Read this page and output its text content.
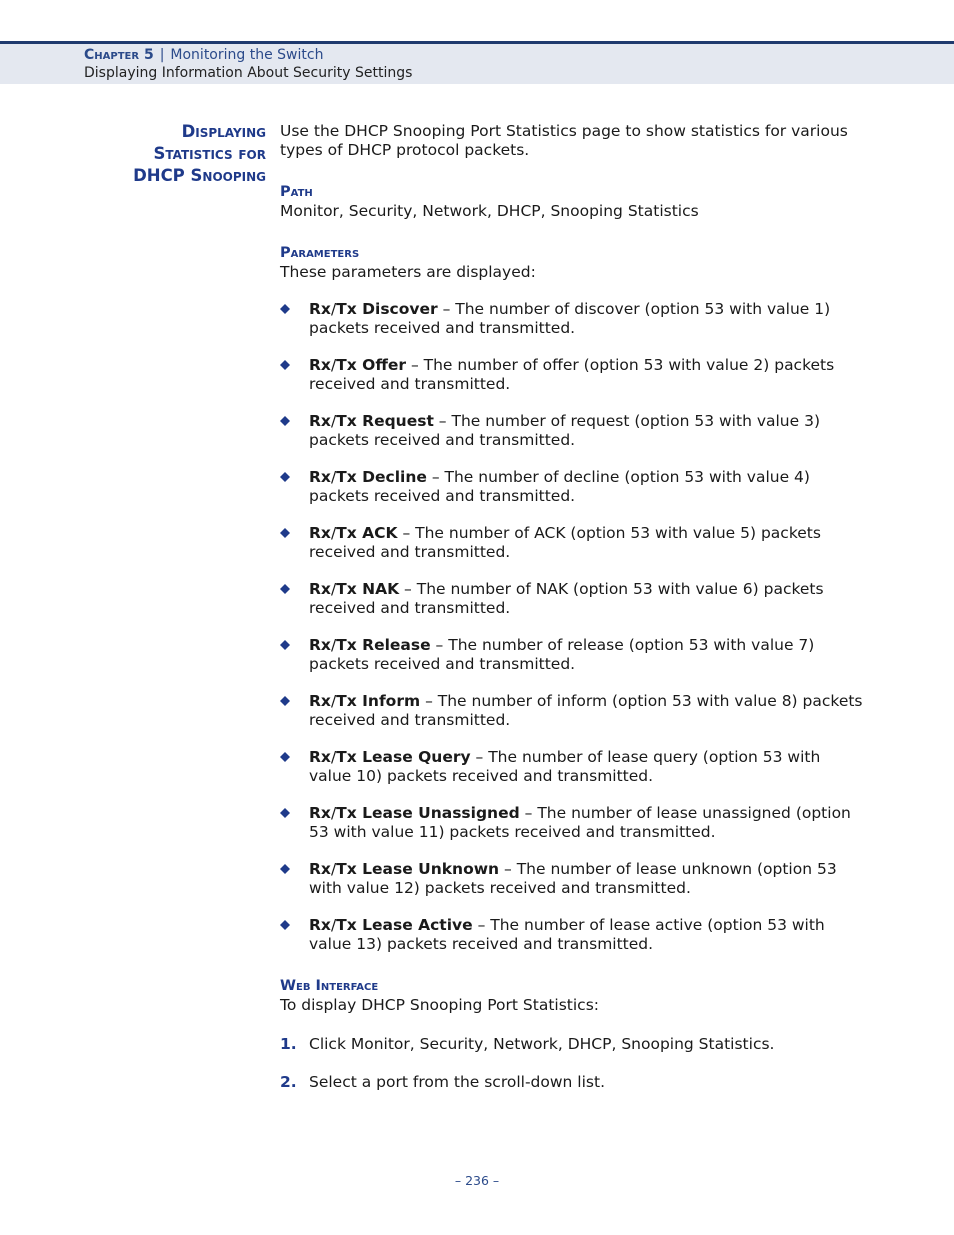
Chapter 5 | Monitoring the Switch
Displaying Information About Security Settings
Displaying
Statistics for
DHCP Snooping

Use the DHCP Snooping Port Statistics page to show statistics for various types of DHCP protocol packets.

Path

Monitor, Security, Network, DHCP, Snooping Statistics

Parameters

These parameters are displayed:

Rx/Tx Discover – The number of discover (option 53 with value 1) packets received and transmitted.
Rx/Tx Offer – The number of offer (option 53 with value 2) packets received and transmitted.
Rx/Tx Request – The number of request (option 53 with value 3) packets received and transmitted.
Rx/Tx Decline – The number of decline (option 53 with value 4) packets received and transmitted.
Rx/Tx ACK – The number of ACK (option 53 with value 5) packets received and transmitted.
Rx/Tx NAK – The number of NAK (option 53 with value 6) packets received and transmitted.
Rx/Tx Release – The number of release (option 53 with value 7) packets received and transmitted.
Rx/Tx Inform – The number of inform (option 53 with value 8) packets received and transmitted.
Rx/Tx Lease Query – The number of lease query (option 53 with value 10) packets received and transmitted.
Rx/Tx Lease Unassigned – The number of lease unassigned (option 53 with value 11) packets received and transmitted.
Rx/Tx Lease Unknown – The number of lease unknown (option 53 with value 12) packets received and transmitted.
Rx/Tx Lease Active – The number of lease active (option 53 with value 13) packets received and transmitted.
Web Interface

To display DHCP Snooping Port Statistics:

1. Click Monitor, Security, Network, DHCP, Snooping Statistics.
2. Select a port from the scroll-down list.
– 236 –
